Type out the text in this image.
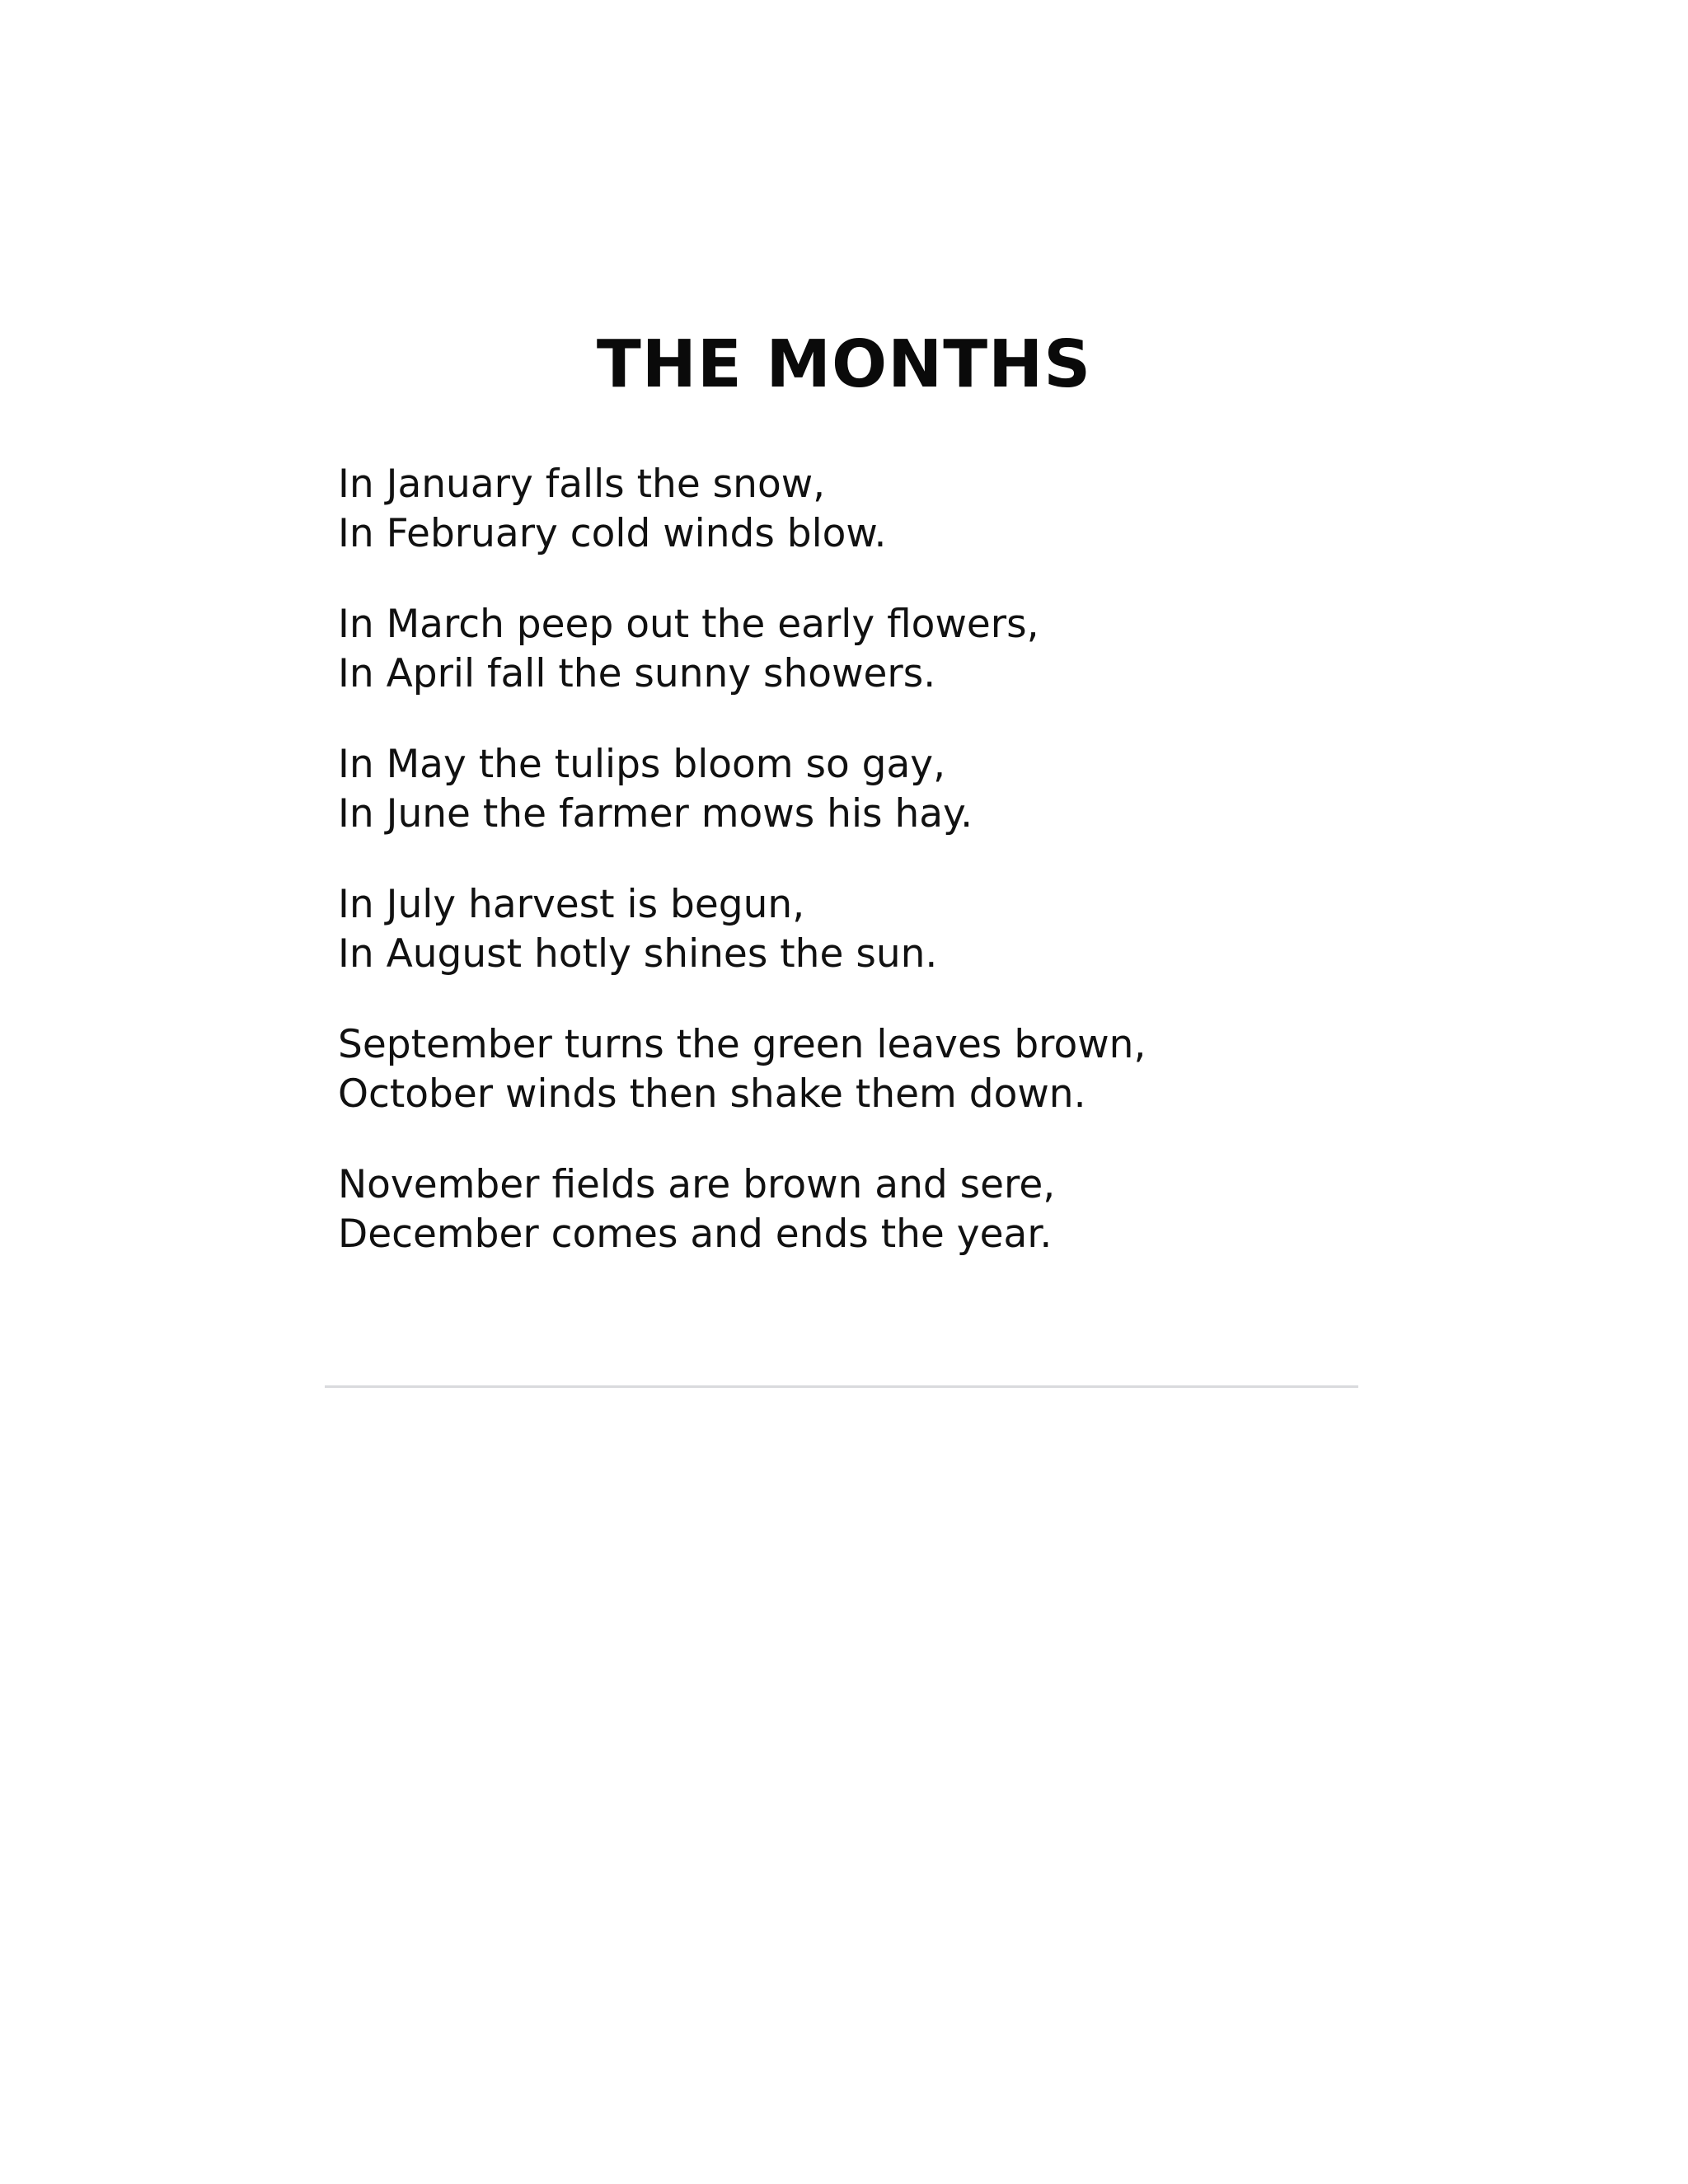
THE MONTHS
In January falls the snow,
In February cold winds blow.
In March peep out the early flowers,
In April fall the sunny showers.
In May the tulips bloom so gay,
In June the farmer mows his hay.
In July harvest is begun,
In August hotly shines the sun.
September turns the green leaves brown,
October winds then shake them down.
November fields are brown and sere,
December comes and ends the year.
